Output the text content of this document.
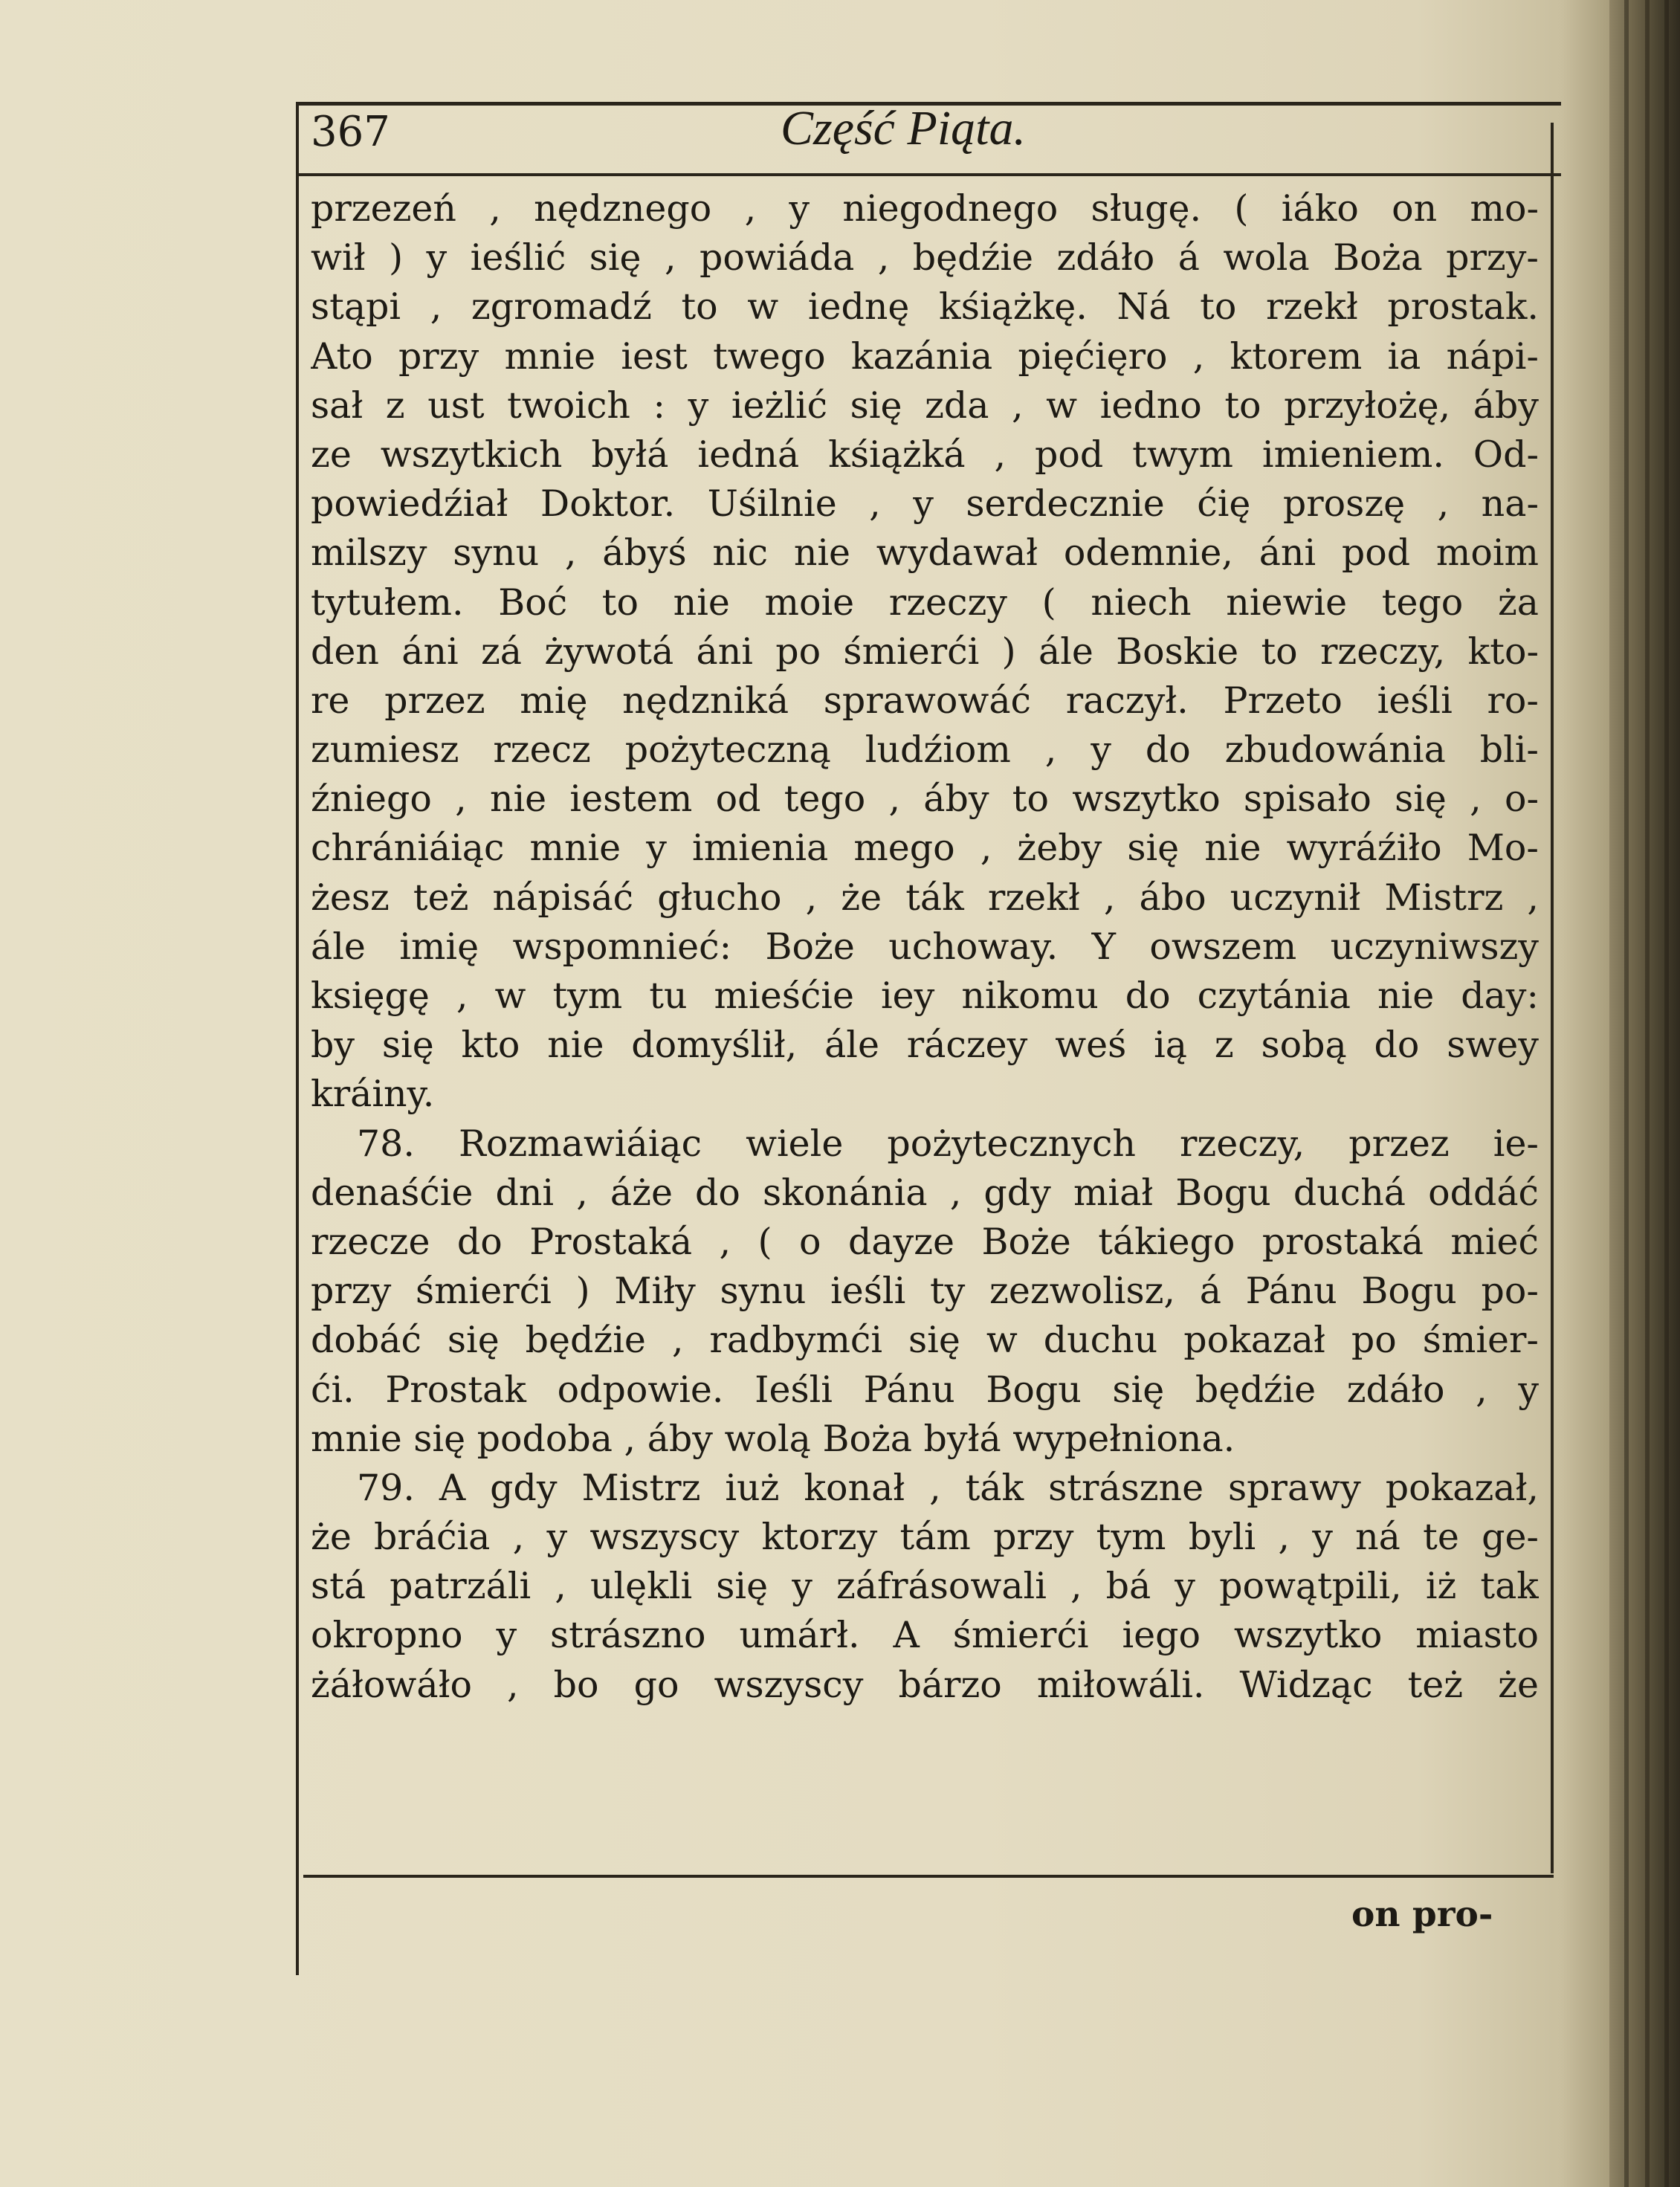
367	Część Piąta.
przezeń , nędznego , y niegodnego sługę. ( iáko on mo-
wił ) y ieślić się , powiáda , będźie zdáło á wola Boża przy-
stąpi , zgromadź to w iednę kśiążkę. Ná to rzekł prostak.
Ato przy mnie iest twego kazánia pięćięro , ktorem ia nápi-
sał z ust twoich : y ieżlić się zda , w iedno to przyłożę, áby
ze wszytkich byłá iedná kśiążká , pod twym imieniem. Od-
powiedźiał Doktor. Uśilnie , y serdecznie ćię proszę , na-
milszy synu , ábyś nic nie wydawał odemnie, áni pod moim
tytułem. Boć to nie moie rzeczy ( niech niewie tego ża
den áni zá żywotá áni po śmierći ) ále Boskie to rzeczy, kto-
re przez mię nędzniká sprawowáć raczył. Przeto ieśli ro-
zumiesz rzecz pożyteczną ludźiom , y do zbudowánia bli-
źniego , nie iestem od tego , áby to wszytko spisało się , o-
chrániáiąc mnie y imienia mego , żeby się nie wyráźiło Mo-
żesz też nápisáć głucho , że ták rzekł , ábo uczynił Mistrz ,
ále imię wspomnieć: Boże uchoway. Y owszem uczyniwszy
księgę , w tym tu mieśćie iey nikomu do czytánia nie day:
by się kto nie domyślił, ále ráczey weś ią z sobą do swey
kráiny.
78. Rozmawiáiąc wiele pożytecznych rzeczy, przez ie-
denaśćie dni , áże do skonánia , gdy miał Bogu duchá oddáć
rzecze do Prostaká , ( o dayze Boże tákiego prostaká mieć
przy śmierći ) Miły synu ieśli ty zezwolisz, á Pánu Bogu po-
dobáć się będźie , radbymći się w duchu pokazał po śmier-
ći. Prostak odpowie. Ieśli Pánu Bogu się będźie zdáło , y
mnie się podoba , áby wolą Boża byłá wypełniona.
79. A gdy Mistrz iuż konał , ták strászne sprawy pokazał,
że bráćia , y wszyscy ktorzy tám przy tym byli , y ná te ge-
stá patrzáli , ulękli się y záfrásowali , bá y powątpili, iż tak
okropno y strászno umárł. A śmierći iego wszytko miasto
żáłowáło , bo go wszyscy bárzo miłowáli. Widząc też że
on pro-
